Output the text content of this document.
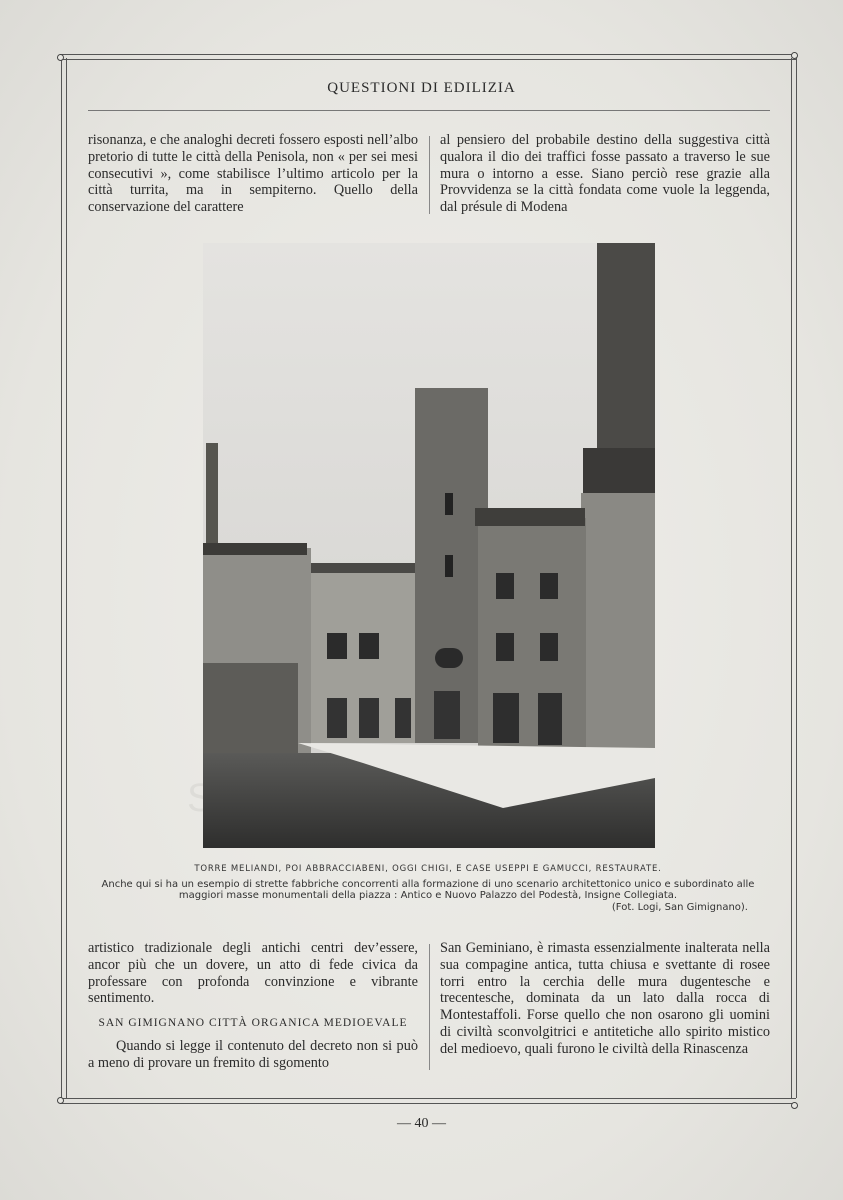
QUESTIONI DI EDILIZIA

risonanza, e che analoghi decreti fossero esposti nell’albo pretorio di tutte le città della Penisola, non « per sei mesi consecutivi », come stabilisce l’ultimo articolo per la città turrita, ma in sempiterno. Quello della conservazione del carattere

al pensiero del probabile destino della suggestiva città qualora il dio dei traffici fosse passato a traverso le sue mura o intorno a esse. Siano perciò rese grazie alla Provvidenza se la città fondata come vuole la leggenda, dal présule di Modena

TORRE MELIANDI, POI ABBRACCIABENI, OGGI CHIGI, E CASE USEPPI E GAMUCCI, RESTAURATE.
Anche qui si ha un esempio di strette fabbriche concorrenti alla formazione di uno scenario architettonico unico e subordinato alle maggiori masse monumentali della piazza : Antico e Nuovo Palazzo del Podestà, Insigne Collegiata.
(Fot. Logi, San Gimignano).

artistico tradizionale degli antichi centri dev’essere, ancor più che un dovere, un atto di fede civica da professare con profonda convinzione e vibrante sentimento.

SAN GIMIGNANO CITTÀ ORGANICA MEDIOEVALE

Quando si legge il contenuto del decreto non si può a meno di provare un fremito di sgomento

San Geminiano, è rimasta essenzialmente inalterata nella sua compagine antica, tutta chiusa e svettante di rosee torri entro la cerchia delle mura dugentesche e trecentesche, dominata da un lato dalla rocca di Montestaffoli. Forse quello che non osarono gli uomini di civiltà sconvolgitrici e antitetiche allo spirito mistico del medioevo, quali furono le civiltà della Rinascenza

— 40 —
